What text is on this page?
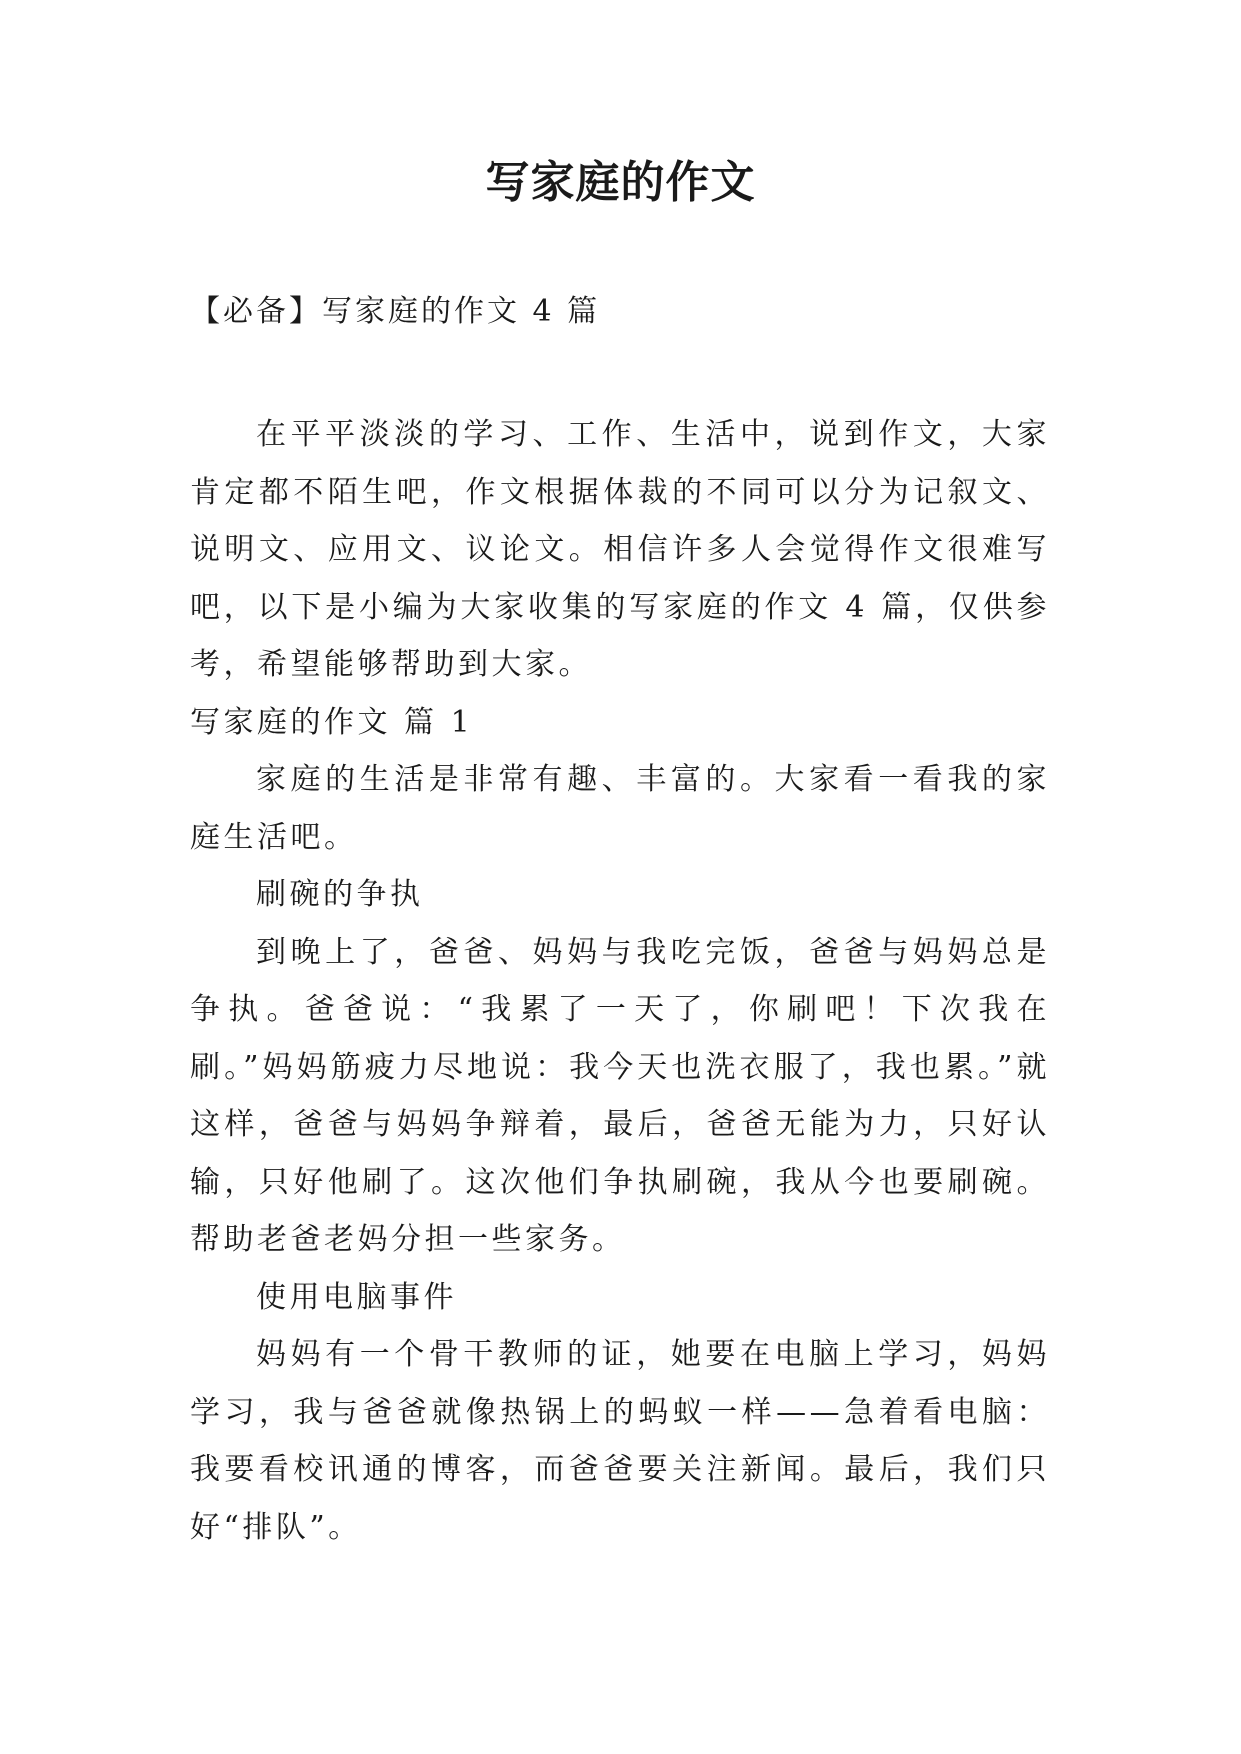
写家庭的作文
【必备】写家庭的作文 4 篇

在平平淡淡的学习、工作、生活中，说到作文，大家肯定都不陌生吧，作文根据体裁的不同可以分为记叙文、说明文、应用文、议论文。相信许多人会觉得作文很难写吧，以下是小编为大家收集的写家庭的作文 4 篇，仅供参考，希望能够帮助到大家。

写家庭的作文 篇 1

家庭的生活是非常有趣、丰富的。大家看一看我的家庭生活吧。

刷碗的争执

到晚上了，爸爸、妈妈与我吃完饭，爸爸与妈妈总是争执。爸爸说：“我累了一天了，你刷吧！下次我在刷。”妈妈筋疲力尽地说：我今天也洗衣服了，我也累。”就这样，爸爸与妈妈争辩着，最后，爸爸无能为力，只好认输，只好他刷了。这次他们争执刷碗，我从今也要刷碗。帮助老爸老妈分担一些家务。

使用电脑事件

妈妈有一个骨干教师的证，她要在电脑上学习，妈妈学习，我与爸爸就像热锅上的蚂蚁一样——急着看电脑：我要看校讯通的博客，而爸爸要关注新闻。最后，我们只好“排队”。
